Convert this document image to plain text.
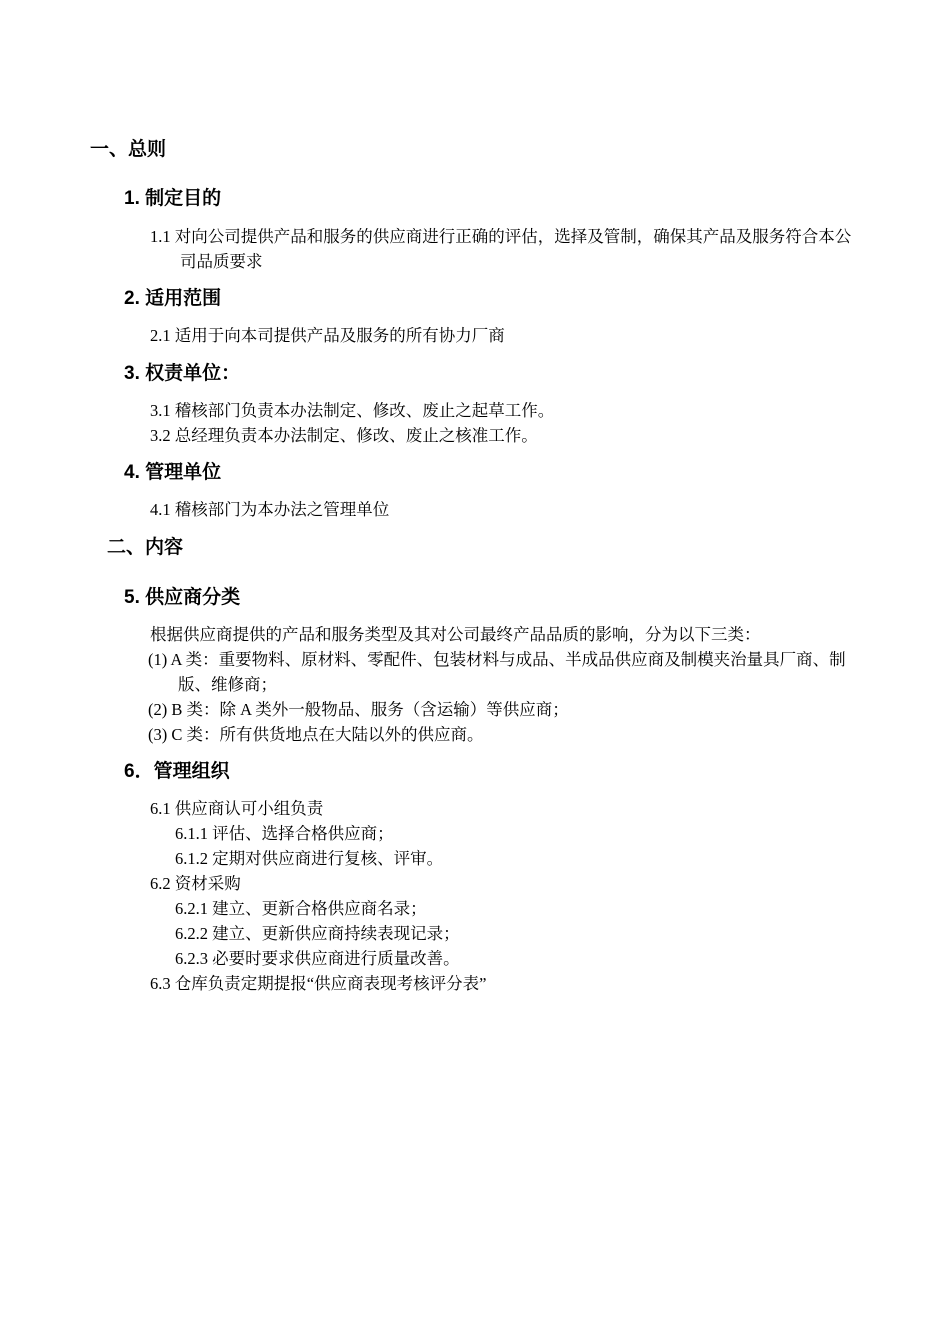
一、总则
1. 制定目的
1.1 对向公司提供产品和服务的供应商进行正确的评估，选择及管制，确保其产品及服务符合本公司品质要求
2. 适用范围
2.1 适用于向本司提供产品及服务的所有协力厂商
3. 权责单位：
3.1 稽核部门负责本办法制定、修改、废止之起草工作。
3.2 总经理负责本办法制定、修改、废止之核准工作。
4. 管理单位
4.1 稽核部门为本办法之管理单位
二、内容
5. 供应商分类
根据供应商提供的产品和服务类型及其对公司最终产品品质的影响，分为以下三类：
(1) A 类：重要物料、原材料、零配件、包装材料与成品、半成品供应商及制模夹治量具厂商、制版、维修商；
(2) B 类：除 A 类外一般物品、服务（含运输）等供应商；
(3) C 类：所有供货地点在大陆以外的供应商。
6．管理组织
6.1 供应商认可小组负责
6.1.1 评估、选择合格供应商；
6.1.2 定期对供应商进行复核、评审。
6.2 资材采购
6.2.1 建立、更新合格供应商名录；
6.2.2 建立、更新供应商持续表现记录；
6.2.3 必要时要求供应商进行质量改善。
6.3 仓库负责定期提报“供应商表现考核评分表”
